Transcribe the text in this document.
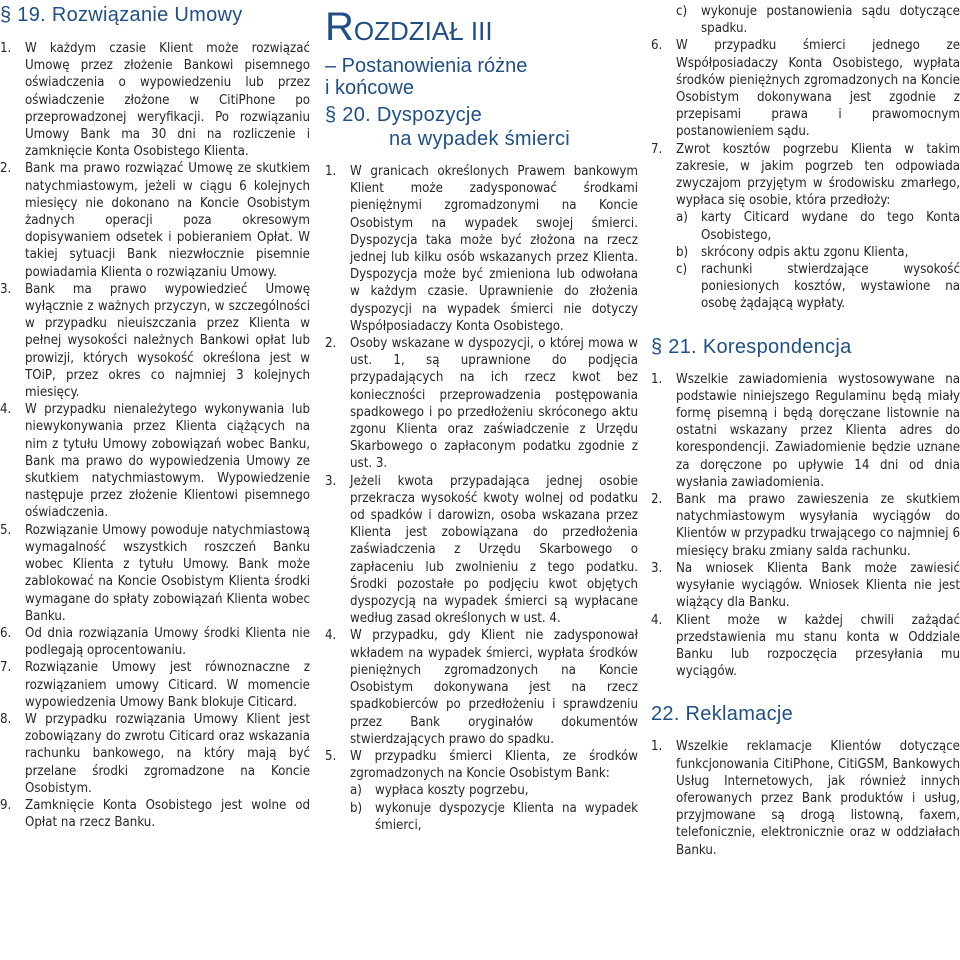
§ 19. Rozwiązanie Umowy
1. W każdym czasie Klient może rozwiązać Umowę przez złożenie Bankowi pisemnego oświadczenia o wypowiedzeniu lub przez oświadczenie złożone w CitiPhone po przeprowadzonej weryfikacji. Po rozwiązaniu Umowy Bank ma 30 dni na rozliczenie i zamknięcie Konta Osobistego Klienta.
2. Bank ma prawo rozwiązać Umowę ze skutkiem natychmiastowym, jeżeli w ciągu 6 kolejnych miesięcy nie dokonano na Koncie Osobistym żadnych operacji poza okresowym dopisywaniem odsetek i pobieraniem Opłat. W takiej sytuacji Bank niezwłocznie pisemnie powiadamia Klienta o rozwiązaniu Umowy.
3. Bank ma prawo wypowiedzieć Umowę wyłącznie z ważnych przyczyn, w szczególności w przypadku nieuiszczania przez Klienta w pełnej wysokości należnych Bankowi opłat lub prowizji, których wysokość określona jest w TOiP, przez okres co najmniej 3 kolejnych miesięcy.
4. W przypadku nienależytego wykonywania lub niewykonywania przez Klienta ciążących na nim z tytułu Umowy zobowiązań wobec Banku, Bank ma prawo do wypowiedzenia Umowy ze skutkiem natychmiastowym. Wypowiedzenie następuje przez złożenie Klientowi pisemnego oświadczenia.
5. Rozwiązanie Umowy powoduje natychmiastową wymagalność wszystkich roszczeń Banku wobec Klienta z tytułu Umowy. Bank może zablokować na Koncie Osobistym Klienta środki wymagane do spłaty zobowiązań Klienta wobec Banku.
6. Od dnia rozwiązania Umowy środki Klienta nie podlegają oprocentowaniu.
7. Rozwiązanie Umowy jest równoznaczne z rozwiązaniem umowy Citicard. W momencie wypowiedzenia Umowy Bank blokuje Citicard.
8. W przypadku rozwiązania Umowy Klient jest zobowiązany do zwrotu Citicard oraz wskazania rachunku bankowego, na który mają być przelane środki zgromadzone na Koncie Osobistym.
9. Zamknięcie Konta Osobistego jest wolne od Opłat na rzecz Banku.
ROZDZIAŁ III
– Postanowienia różne
i końcowe
§ 20. Dyspozycje
na wypadek śmierci
1. W granicach określonych Prawem bankowym Klient może zadysponować środkami pieniężnymi zgromadzonymi na Koncie Osobistym na wypadek swojej śmierci. Dyspozycja taka może być złożona na rzecz jednej lub kilku osób wskazanych przez Klienta. Dyspozycja może być zmieniona lub odwołana w każdym czasie. Uprawnienie do złożenia dyspozycji na wypadek śmierci nie dotyczy Współposiadaczy Konta Osobistego.
2. Osoby wskazane w dyspozycji, o której mowa w ust. 1, są uprawnione do podjęcia przypadających na ich rzecz kwot bez konieczności przeprowadzenia postępowania spadkowego i po przedłożeniu skróconego aktu zgonu Klienta oraz zaświadczenie z Urzędu Skarbowego o zapłaconym podatku zgodnie z ust. 3.
3. Jeżeli kwota przypadająca jednej osobie przekracza wysokość kwoty wolnej od podatku od spadków i darowizn, osoba wskazana przez Klienta jest zobowiązana do przedłożenia zaświadczenia z Urzędu Skarbowego o zapłaceniu lub zwolnieniu z tego podatku. Środki pozostałe po podjęciu kwot objętych dyspozycją na wypadek śmierci są wypłacane według zasad określonych w ust. 4.
4. W przypadku, gdy Klient nie zadysponował wkładem na wypadek śmierci, wypłata środków pieniężnych zgromadzonych na Koncie Osobistym dokonywana jest na rzecz spadkobierców po przedłożeniu i sprawdzeniu przez Bank oryginałów dokumentów stwierdzających prawo do spadku.
5. W przypadku śmierci Klienta, ze środków zgromadzonych na Koncie Osobistym Bank:
a) wypłaca koszty pogrzebu,
b) wykonuje dyspozycje Klienta na wypadek śmierci,
c) wykonuje postanowienia sądu dotyczące spadku.
6. W przypadku śmierci jednego ze Współposiadaczy Konta Osobistego, wypłata środków pieniężnych zgromadzonych na Koncie Osobistym dokonywana jest zgodnie z przepisami prawa i prawomocnym postanowieniem sądu.
7. Zwrot kosztów pogrzebu Klienta w takim zakresie, w jakim pogrzeb ten odpowiada zwyczajom przyjętym w środowisku zmarłego, wypłaca się osobie, która przedłoży:
a) karty Citicard wydane do tego Konta Osobistego,
b) skrócony odpis aktu zgonu Klienta,
c) rachunki stwierdzające wysokość poniesionych kosztów, wystawione na osobę żądającą wypłaty.
§ 21. Korespondencja
1. Wszelkie zawiadomienia wystosowywane na podstawie niniejszego Regulaminu będą miały formę pisemną i będą doręczane listownie na ostatni wskazany przez Klienta adres do korespondencji. Zawiadomienie będzie uznane za doręczone po upływie 14 dni od dnia wysłania zawiadomienia.
2. Bank ma prawo zawieszenia ze skutkiem natychmiastowym wysyłania wyciągów do Klientów w przypadku trwającego co najmniej 6 miesięcy braku zmiany salda rachunku.
3. Na wniosek Klienta Bank może zawiesić wysyłanie wyciągów. Wniosek Klienta nie jest wiążący dla Banku.
4. Klient może w każdej chwili zażądać przedstawienia mu stanu konta w Oddziale Banku lub rozpoczęcia przesyłania mu wyciągów.
22. Reklamacje
1. Wszelkie reklamacje Klientów dotyczące funkcjonowania CitiPhone, CitiGSM, Bankowych Usług Internetowych, jak również innych oferowanych przez Bank produktów i usług, przyjmowane są drogą listowną, faxem, telefonicznie, elektronicznie oraz w oddziałach Banku.
